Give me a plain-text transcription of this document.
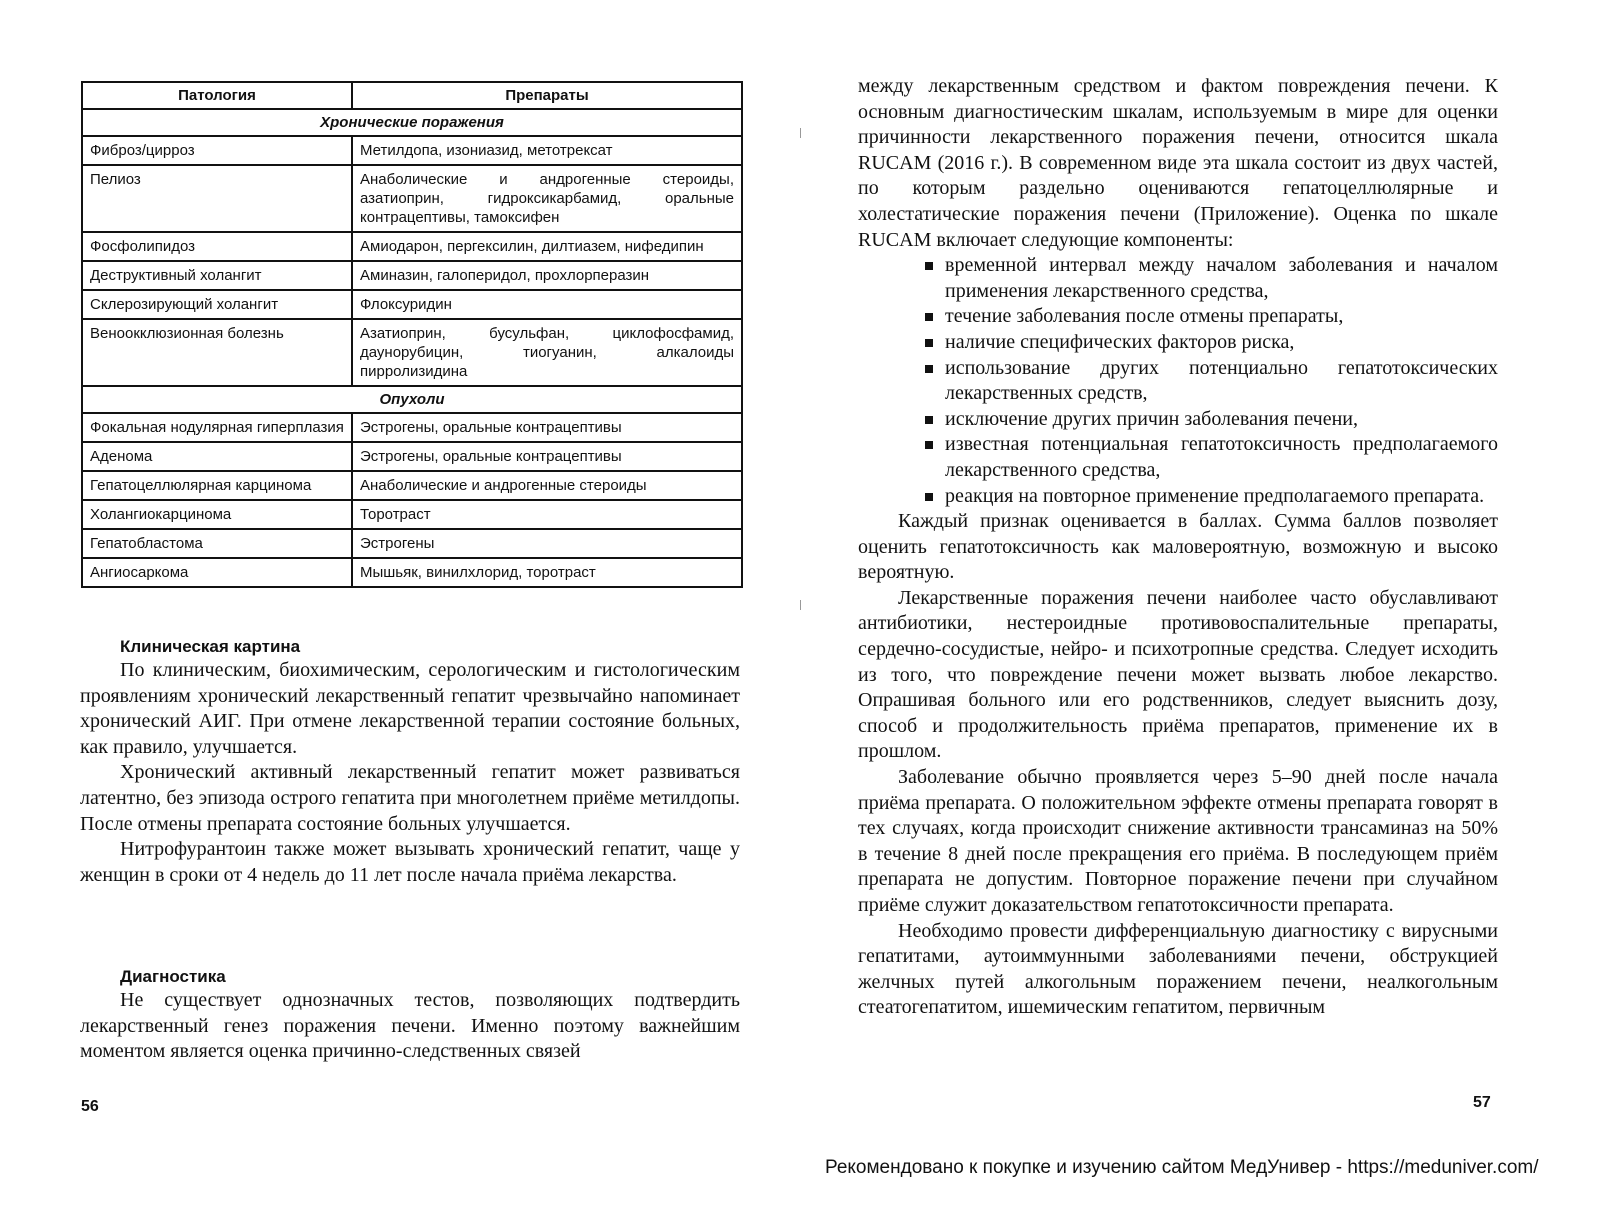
Патология	Препараты
Хронические поражения	
Фиброз/цирроз	Метилдопа, изониазид, метотрексат
Пелиоз	Анаболические и андрогенные стероиды, азатиоприн, гидроксикарбамид, оральные контрацептивы, тамоксифен
Фосфолипидоз	Амиодарон, пергексилин, дилтиазем, нифедипин
Деструктивный холангит	Аминазин, галоперидол, прохлорперазин
Склерозирующий холангит	Флоксуридин
Веноокклюзионная болезнь	Азатиоприн, бусульфан, циклофосфамид, даунорубицин, тиогуанин, алкалоиды пирролизидина
Опухоли	
Фокальная нодулярная гиперплазия	Эстрогены, оральные контрацептивы
Аденома	Эстрогены, оральные контрацептивы
Гепатоцеллюлярная карцинома	Анаболические и андрогенные стероиды
Холангиокарцинома	Торотраст
Гепатобластома	Эстрогены
Ангиосаркома	Мышьяк, винилхлорид, торотраст
Клиническая картина

По клиническим, биохимическим, серологическим и гистологическим проявлениям хронический лекарственный гепатит чрезвычайно напоминает хронический АИГ. При отмене лекарственной терапии состояние больных, как правило, улучшается.

Хронический активный лекарственный гепатит может развиваться латентно, без эпизода острого гепатита при многолетнем приёме метилдопы. После отмены препарата состояние больных улучшается.

Нитрофурантоин также может вызывать хронический гепатит, чаще у женщин в сроки от 4 недель до 11 лет после начала приёма лекарства.

Диагностика

Не существует однозначных тестов, позволяющих подтвердить лекарственный генез поражения печени. Именно поэтому важнейшим моментом является оценка причинно-следственных связей

56

между лекарственным средством и фактом повреждения печени. К основным диагностическим шкалам, используемым в мире для оценки причинности лекарственного поражения печени, относится шкала RUCAM (2016 г.). В современном виде эта шкала состоит из двух частей, по которым раздельно оцениваются гепатоцеллюлярные и холестатические поражения печени (Приложение). Оценка по шкале RUCAM включает следующие компоненты:

временной интервал между началом заболевания и началом применения лекарственного средства,
течение заболевания после отмены препараты,
наличие специфических факторов риска,
использование других потенциально гепатотоксических лекарственных средств,
исключение других причин заболевания печени,
известная потенциальная гепатотоксичность предполагаемого лекарственного средства,
реакция на повторное применение предполагаемого препарата.

Каждый признак оценивается в баллах. Сумма баллов позволяет оценить гепатотоксичность как маловероятную, возможную и высоко вероятную.

Лекарственные поражения печени наиболее часто обуславливают антибиотики, нестероидные противовоспалительные препараты, сердечно-сосудистые, нейро- и психотропные средства. Следует исходить из того, что повреждение печени может вызвать любое лекарство. Опрашивая больного или его родственников, следует выяснить дозу, способ и продолжительность приёма препаратов, применение их в прошлом.

Заболевание обычно проявляется через 5–90 дней после начала приёма препарата. О положительном эффекте отмены препарата говорят в тех случаях, когда происходит снижение активности трансаминаз на 50% в течение 8 дней после прекращения его приёма. В последующем приём препарата не допустим. Повторное поражение печени при случайном приёме служит доказательством гепатотоксичности препарата.

Необходимо провести дифференциальную диагностику с вирусными гепатитами, аутоиммунными заболеваниями печени, обструкцией желчных путей алкогольным поражением печени, неалкогольным стеатогепатитом, ишемическим гепатитом, первичным

57
Рекомендовано к покупке и изучению сайтом МедУнивер - https://meduniver.com/
